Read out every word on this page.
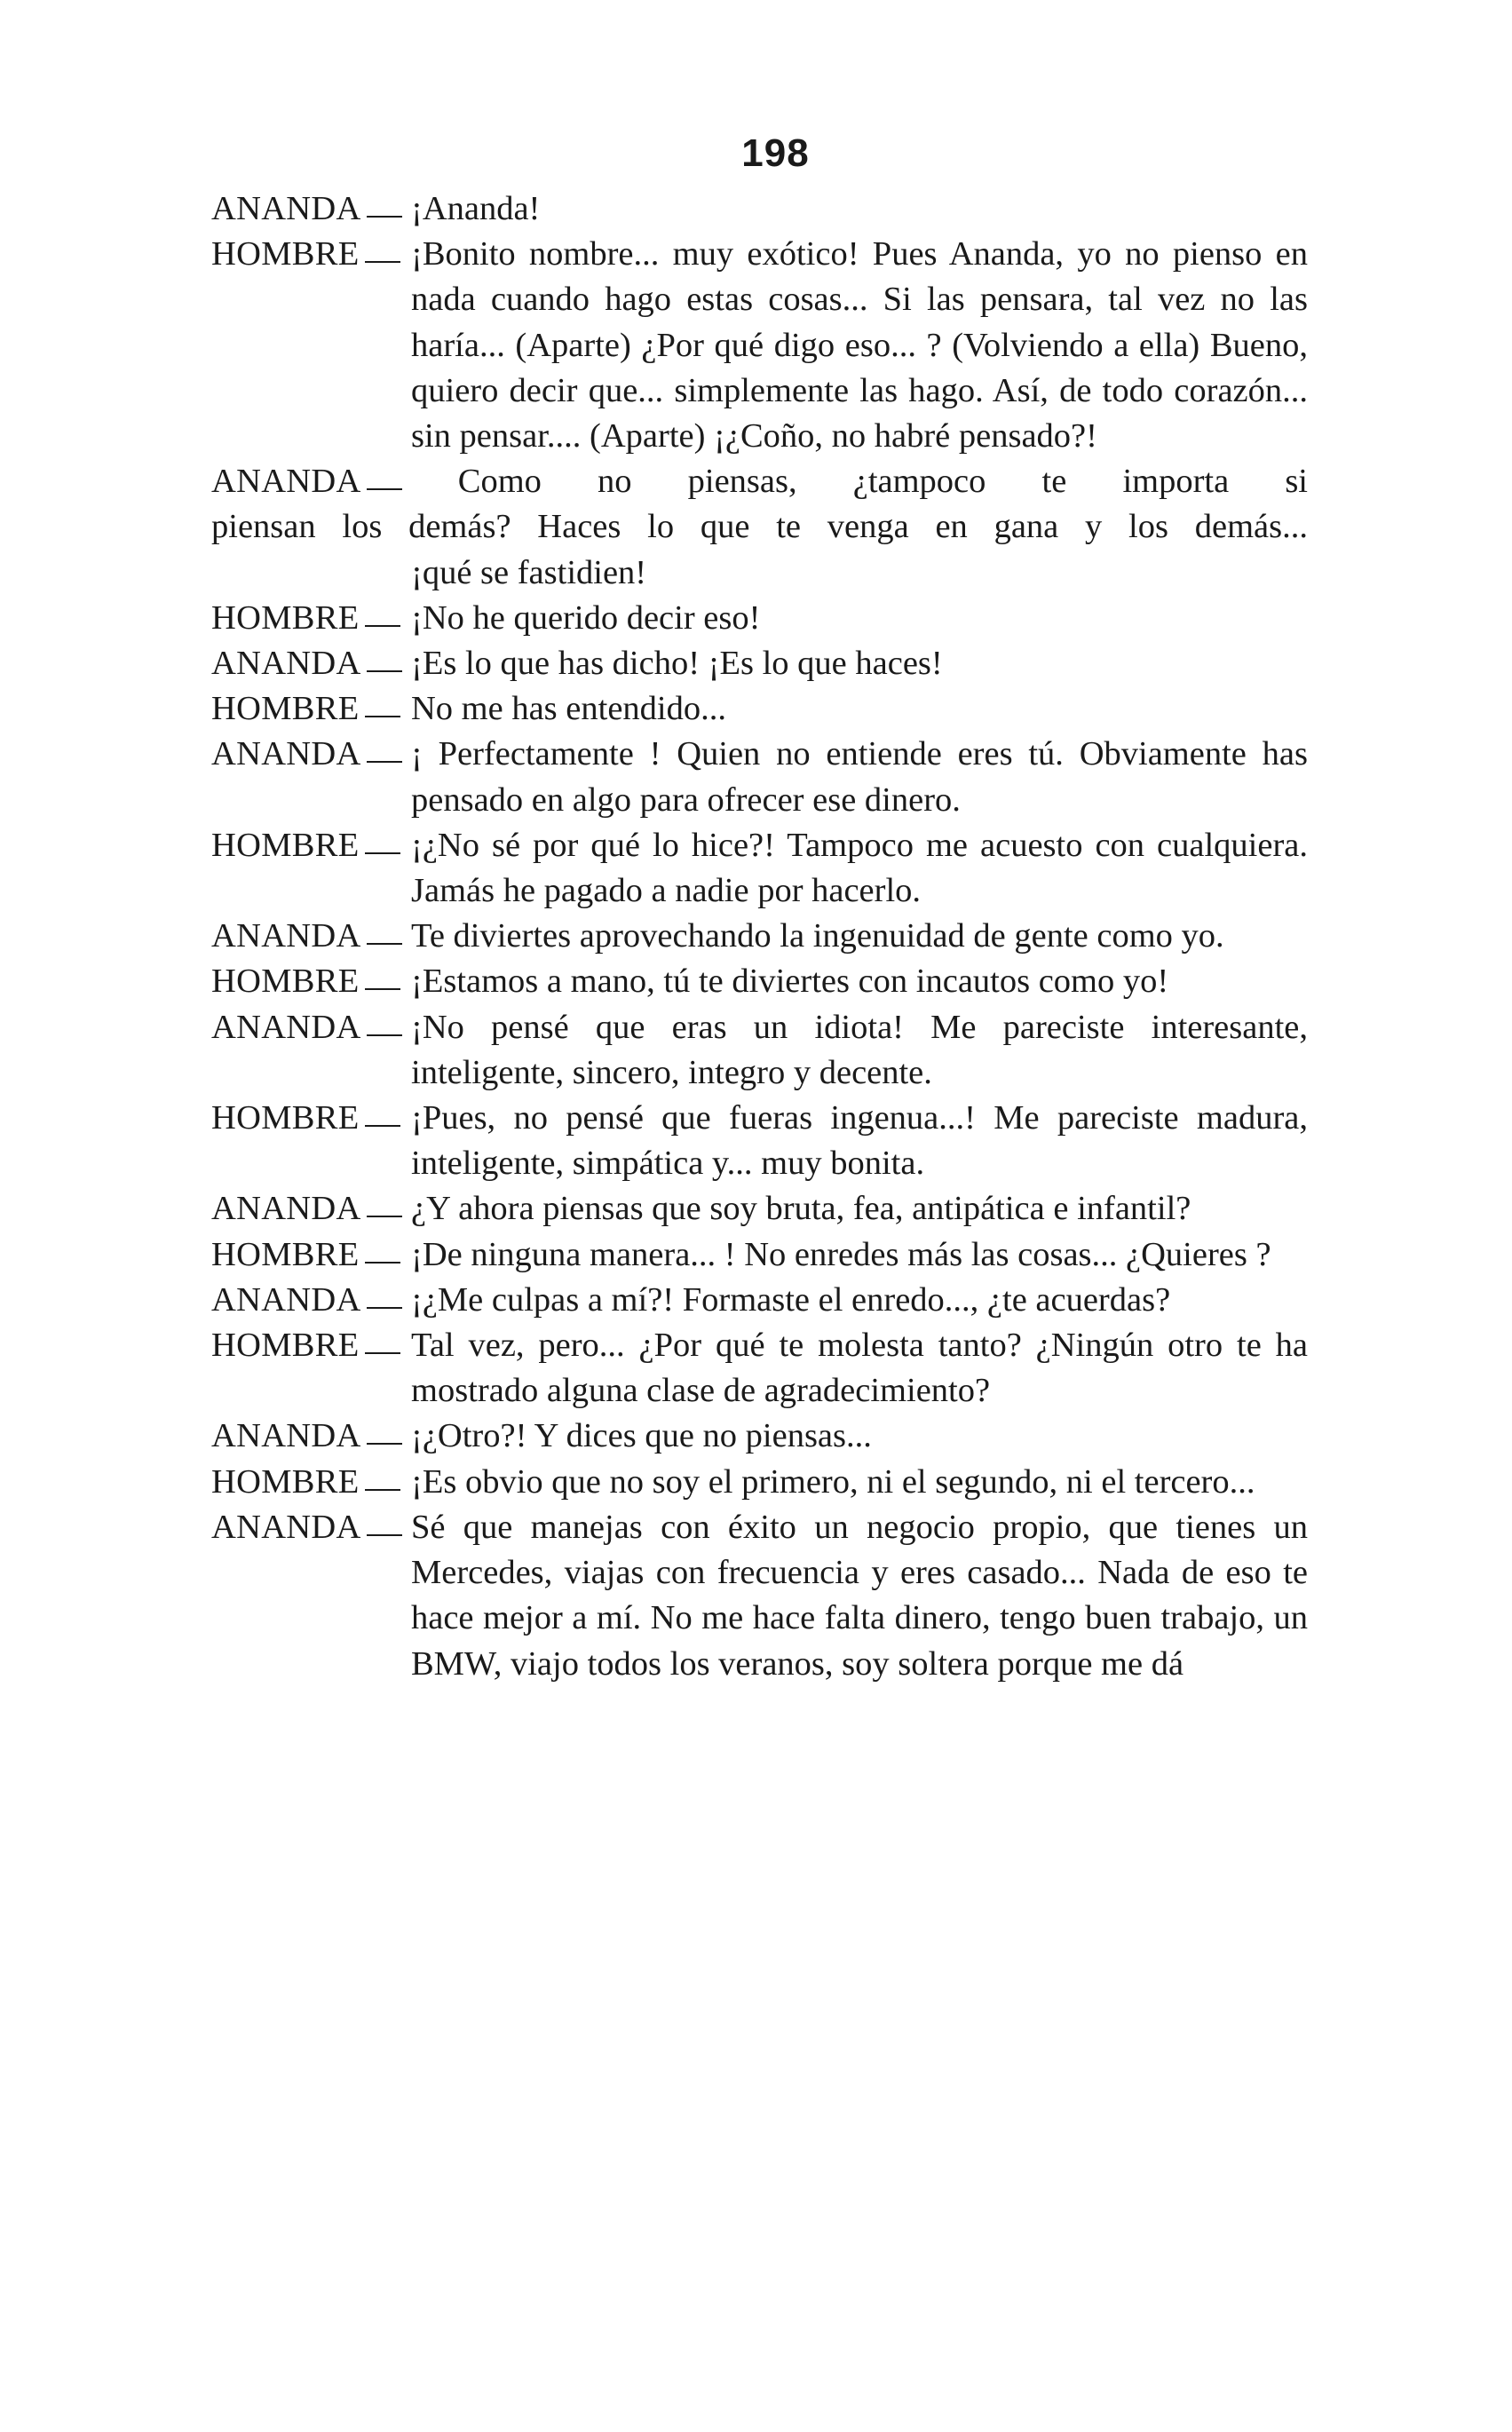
198
ANANDA	¡Ananda!
HOMBRE	¡Bonito nombre... muy exótico! Pues Ananda, yo no pienso en nada cuando hago estas cosas... Si las pensara, tal vez no las haría... (Aparte) ¿Por qué digo eso... ? (Volviendo a ella) Bueno, quiero decir que... simplemente las hago. Así, de todo corazón... sin pensar.... (Aparte) ¡¿Coño, no habré pensado?!
ANANDA	Como no piensas, ¿tampoco te importa si
piensan los demás? Haces lo que te venga en gana y los demás...
¡qué se fastidien!
HOMBRE	¡No he querido decir eso!
ANANDA	¡Es lo que has dicho! ¡Es lo que haces!
HOMBRE	No me has entendido...
ANANDA	¡ Perfectamente ! Quien no entiende eres tú. Obviamente has pensado en algo para ofrecer ese dinero.
HOMBRE	¡¿No sé por qué lo hice?! Tampoco me acuesto con cualquiera. Jamás he pagado a nadie por hacerlo.
ANANDA	Te diviertes aprovechando la ingenuidad de gente como yo.
HOMBRE	¡Estamos a mano, tú te diviertes con incautos como yo!
ANANDA	¡No pensé que eras un idiota! Me pareciste interesante, inteligente, sincero, integro y decente.
HOMBRE	¡Pues, no pensé que fueras ingenua...! Me pareciste madura, inteligente, simpática y... muy bonita.
ANANDA	¿Y ahora piensas que soy bruta, fea, antipática e infantil?
HOMBRE	¡De ninguna manera... ! No enredes más las cosas... ¿Quieres ?
ANANDA	¡¿Me culpas a mí?! Formaste el enredo..., ¿te acuerdas?
HOMBRE	Tal vez, pero... ¿Por qué te molesta tanto? ¿Ningún otro te ha mostrado alguna clase de agradecimiento?
ANANDA	¡¿Otro?! Y dices que no piensas...
HOMBRE	¡Es obvio que no soy el primero, ni el segundo, ni el tercero...
ANANDA	Sé que manejas con éxito un negocio propio, que tienes un Mercedes, viajas con frecuencia y eres casado... Nada de eso te hace mejor a mí. No me hace falta dinero, tengo buen trabajo, un BMW, viajo todos los veranos, soy soltera porque me dá
